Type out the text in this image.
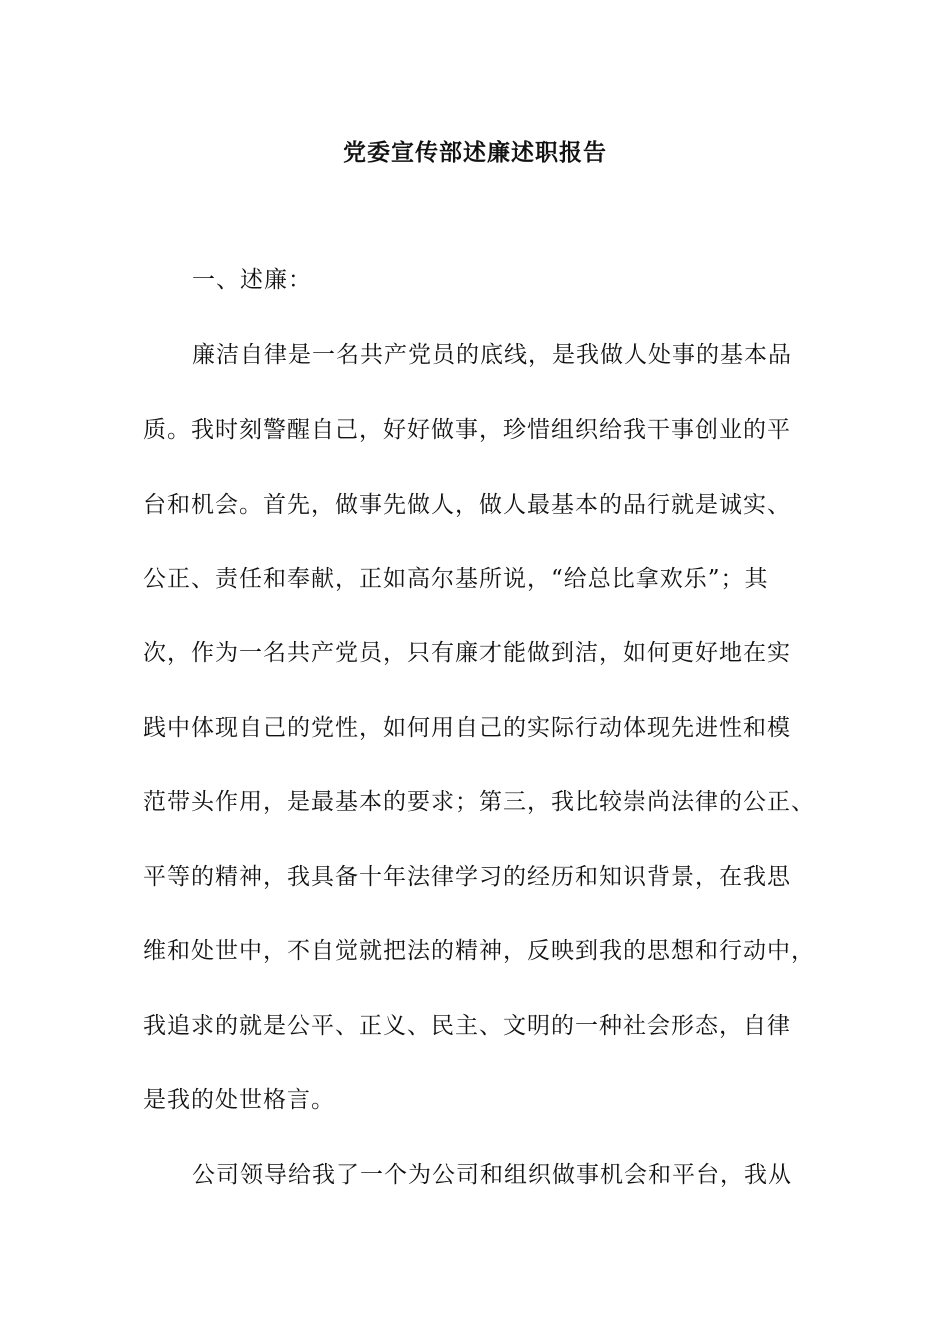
党委宣传部述廉述职报告
一、述廉：
廉洁自律是一名共产党员的底线，是我做人处事的基本品
质。我时刻警醒自己，好好做事，珍惜组织给我干事创业的平
台和机会。首先，做事先做人，做人最基本的品行就是诚实、
公正、责任和奉献，正如高尔基所说，“给总比拿欢乐”；其
次，作为一名共产党员，只有廉才能做到洁，如何更好地在实
践中体现自己的党性，如何用自己的实际行动体现先进性和模
范带头作用，是最基本的要求；第三，我比较崇尚法律的公正、
平等的精神，我具备十年法律学习的经历和知识背景，在我思
维和处世中，不自觉就把法的精神，反映到我的思想和行动中，
我追求的就是公平、正义、民主、文明的一种社会形态，自律
是我的处世格言。
公司领导给我了一个为公司和组织做事机会和平台，我从
